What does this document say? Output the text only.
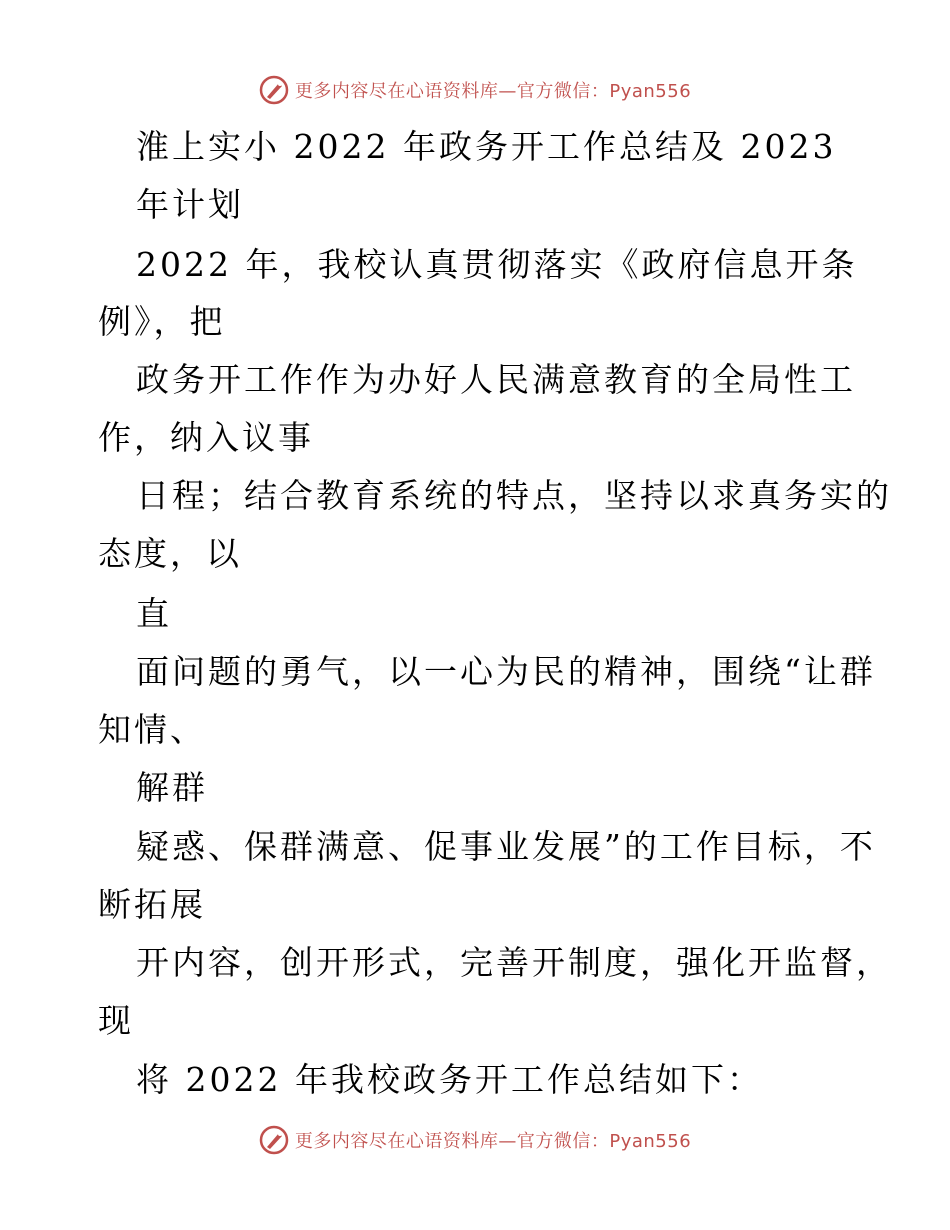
更多内容尽在心语资料库—官方微信：Pyan556
淮上实小 2022 年政务开工作总结及 2023
年计划
2022 年，我校认真贯彻落实《政府信息开条
例》，把
政务开工作作为办好人民满意教育的全局性工
作，纳入议事
日程；结合教育系统的特点，坚持以求真务实的
态度，以
直
面问题的勇气，以一心为民的精神，围绕“让群
知情、
解群
疑惑、保群满意、促事业发展”的工作目标，不
断拓展
开内容，创开形式，完善开制度，强化开监督，
现
将 2022 年我校政务开工作总结如下：
更多内容尽在心语资料库—官方微信：Pyan556
